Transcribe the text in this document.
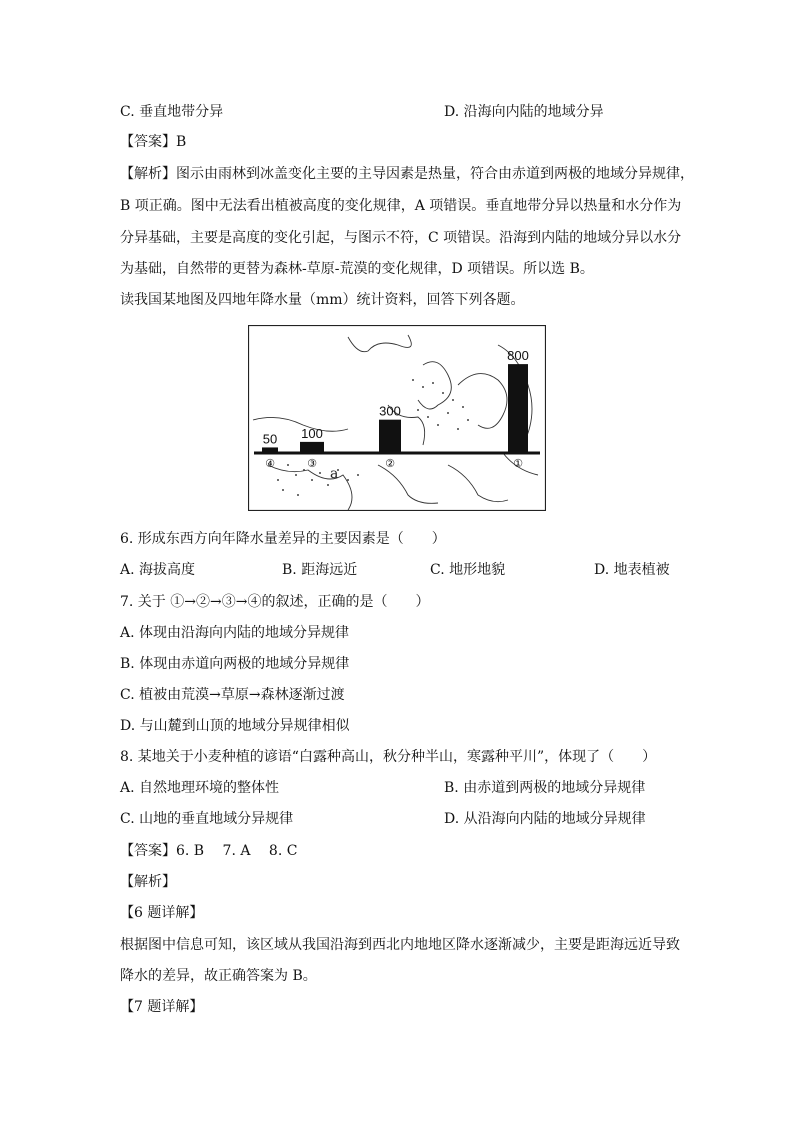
C. 垂直地带分异	D. 沿海向内陆的地域分异
【答案】B
【解析】图示由雨林到冰盖变化主要的主导因素是热量，符合由赤道到两极的地域分异规律，
B 项正确。图中无法看出植被高度的变化规律，A 项错误。垂直地带分异以热量和水分作为
分异基础，主要是高度的变化引起，与图示不符，C 项错误。沿海到内陆的地域分异以水分
为基础，自然带的更替为森林-草原-荒漠的变化规律，D 项错误。所以选 B。
读我国某地图及四地年降水量（mm）统计资料，回答下列各题。
a
50
④
100
③
300
②
800
①
6. 形成东西方向年降水量差异的主要因素是（　　）
A. 海拔高度	B. 距海远近	C. 地形地貌	D. 地表植被
7. 关于 ①→②→③→④的叙述，正确的是（　　）
A. 体现由沿海向内陆的地域分异规律
B. 体现由赤道向两极的地域分异规律
C. 植被由荒漠→草原→森林逐渐过渡
D. 与山麓到山顶的地域分异规律相似
8. 某地关于小麦种植的谚语“白露种高山，秋分种半山，寒露种平川”，体现了（　　）
A. 自然地理环境的整体性	B. 由赤道到两极的地域分异规律
C. 山地的垂直地域分异规律	D. 从沿海向内陆的地域分异规律
【答案】6. B　 7. A　 8. C
【解析】
【6 题详解】
根据图中信息可知，该区域从我国沿海到西北内地地区降水逐渐减少，主要是距海远近导致
降水的差异，故正确答案为 B。
【7 题详解】
